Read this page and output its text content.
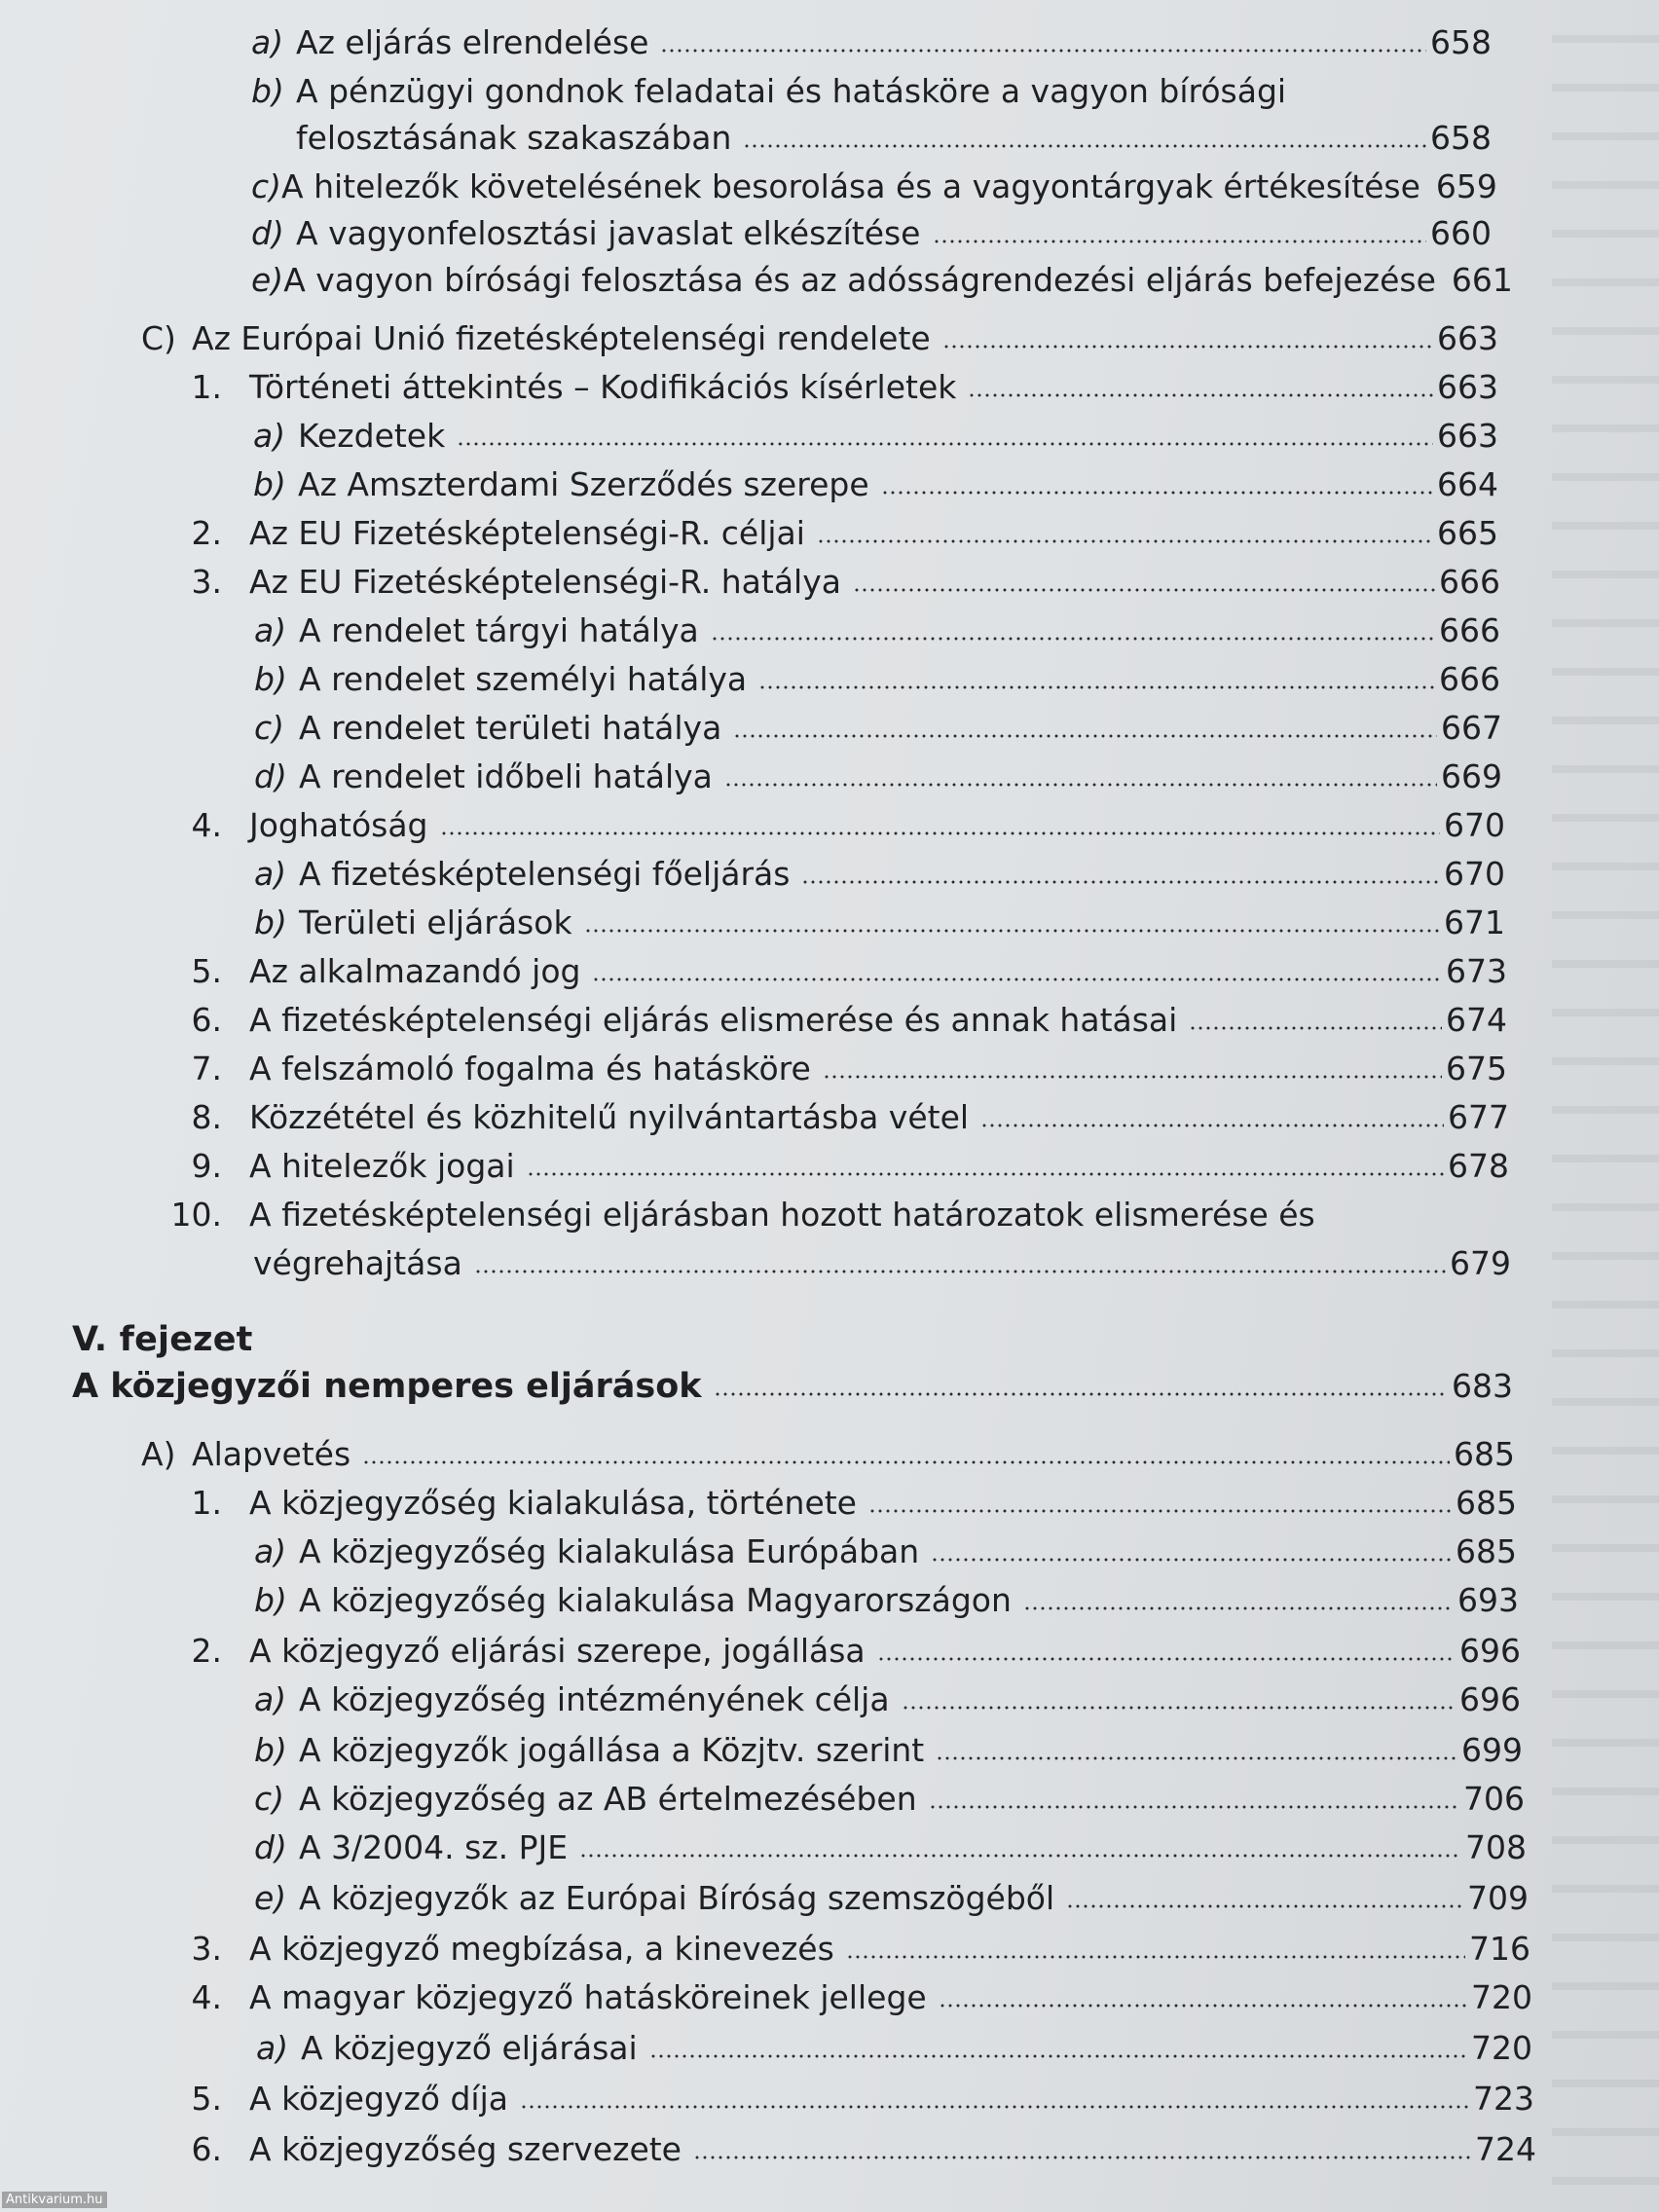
a) Az eljárás elrendelése	658
b) A pénzügyi gondnok feladatai és hatásköre a vagyon bírósági
felosztásának szakaszában	658
c) A hitelezők követelésének besorolása és a vagyontárgyak értékesítése 659
d) A vagyonfelosztási javaslat elkészítése	660
e) A vagyon bírósági felosztása és az adósságrendezési eljárás befejezése 661
C) Az Európai Unió fizetésképtelenségi rendelete	663
1. Történeti áttekintés – Kodifikációs kísérletek	663
a) Kezdetek	663
b) Az Amszterdami Szerződés szerepe	664
2. Az EU Fizetésképtelenségi-R. céljai	665
3. Az EU Fizetésképtelenségi-R. hatálya	666
a) A rendelet tárgyi hatálya	666
b) A rendelet személyi hatálya	666
c) A rendelet területi hatálya	667
d) A rendelet időbeli hatálya	669
4. Joghatóság	670
a) A fizetésképtelenségi főeljárás	670
b) Területi eljárások	671
5. Az alkalmazandó jog	673
6. A fizetésképtelenségi eljárás elismerése és annak hatásai	674
7. A felszámoló fogalma és hatásköre	675
8. Közzététel és közhitelű nyilvántartásba vétel	677
9. A hitelezők jogai	678
10. A fizetésképtelenségi eljárásban hozott határozatok elismerése és
végrehajtása	679
V. fejezet
A közjegyzői nemperes eljárások	683
A) Alapvetés	685
1. A közjegyzőség kialakulása, története	685
a) A közjegyzőség kialakulása Európában	685
b) A közjegyzőség kialakulása Magyarországon	693
2. A közjegyző eljárási szerepe, jogállása	696
a) A közjegyzőség intézményének célja	696
b) A közjegyzők jogállása a Közjtv. szerint	699
c) A közjegyzőség az AB értelmezésében	706
d) A 3/2004. sz. PJE	708
e) A közjegyzők az Európai Bíróság szemszögéből	709
3. A közjegyző megbízása, a kinevezés	716
4. A magyar közjegyző hatásköreinek jellege	720
a) A közjegyző eljárásai	720
5. A közjegyző díja	723
6. A közjegyzőség szervezete	724
Antikvarium.hu
